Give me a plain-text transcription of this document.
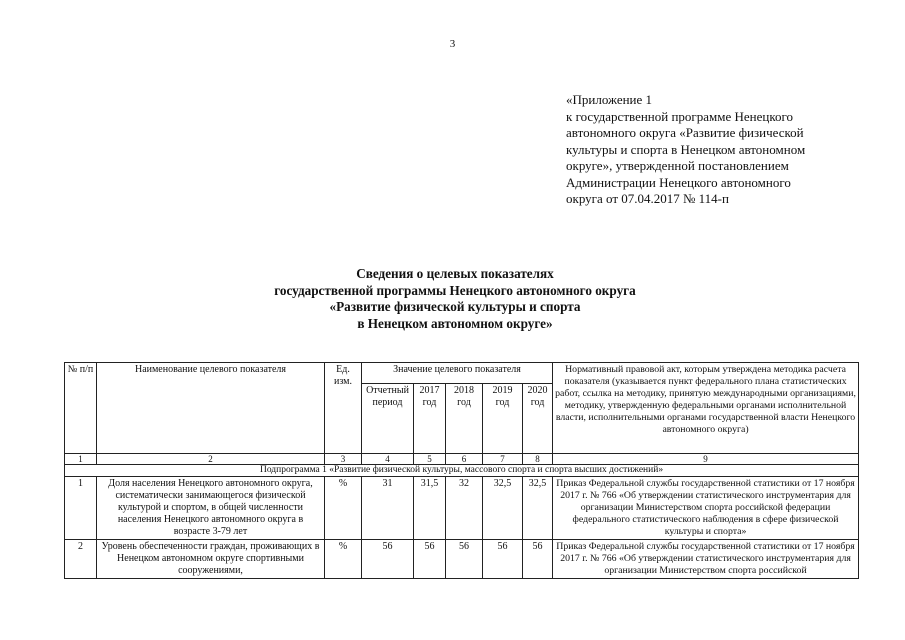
3
«Приложение 1
к государственной программе Ненецкого
автономного округа «Развитие физической
культуры и спорта в Ненецком автономном
округе», утвержденной постановлением
Администрации Ненецкого автономного
округа от 07.04.2017 № 114-п
Сведения о целевых показателях
государственной программы Ненецкого автономного округа
«Развитие физической культуры и спорта
в Ненецком автономном округе»
№ п/п	Наименование целевого показателя	Ед. изм.	Значение целевого показателя					Нормативный правовой акт, которым утверждена методика расчета показателя (указывается пункт федерального плана статистических работ, ссылка на методику, принятую международными организациями, методику, утвержденную федеральными органами исполнительной власти, исполнительными органами государственной власти Ненецкого автономного округа)
			Отчетный период	2017 год	2018 год	2019 год	2020 год	
1	2	3	4	5	6	7	8	9
Подпрограмма 1 «Развитие физической культуры, массового спорта и спорта высших достижений»								
1	Доля населения Ненецкого автономного округа, систематически занимающегося физической культурой и спортом, в общей численности населения Ненецкого автономного округа в возрасте 3-79 лет	%	31	31,5	32	32,5	32,5	Приказ Федеральной службы государственной статистики от 17 ноября 2017 г. № 766 «Об утверждении статистического инструментария для организации Министерством спорта российской федерации федерального статистического наблюдения в сфере физической культуры и спорта»
2	Уровень обеспеченности граждан, проживающих в Ненецком автономном округе спортивными сооружениями,	%	56	56	56	56	56	Приказ Федеральной службы государственной статистики от 17 ноября 2017 г. № 766 «Об утверждении статистического инструментария для организации Министерством спорта российской
